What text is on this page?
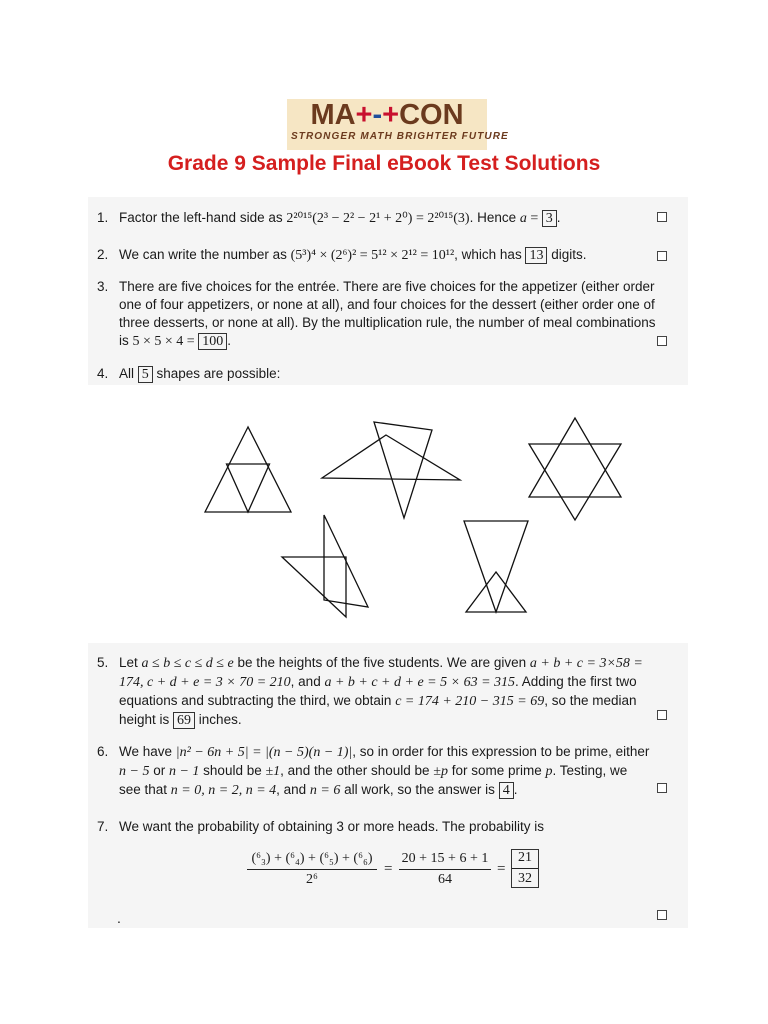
MA+-+CON
STRONGER MATH BRIGHTER FUTURE
Grade 9 Sample Final eBook Test Solutions
1. Factor the left-hand side as 2²⁰¹⁵(2³ − 2² − 2¹ + 2⁰) = 2²⁰¹⁵(3). Hence a = 3 .
2. We can write the number as (5³)⁴ × (2⁶)² = 5¹² × 2¹² = 10¹², which has 13 digits.
3. There are five choices for the entrée. There are five choices for the appetizer (either order
one of four appetizers, or none at all), and four choices for the dessert (either order one of
three desserts, or none at all). By the multiplication rule, the number of meal combinations
is 5 × 5 × 4 = 100 .
4. All 5 shapes are possible:
5. Let a ≤ b ≤ c ≤ d ≤ e be the heights of the five students. We are given a + b + c = 3×58 =
174, c + d + e = 3 × 70 = 210, and a + b + c + d + e = 5 × 63 = 315. Adding the first two
equations and subtracting the third, we obtain c = 174 + 210 − 315 = 69, so the median
height is 69 inches.
6. We have |n² − 6n + 5| = |(n − 5)(n − 1)|, so in order for this expression to be prime, either
n − 5 or n − 1 should be ±1, and the other should be ±p for some prime p. Testing, we
see that n = 0, n = 2, n = 4, and n = 6 all work, so the answer is 4 .
7. We want the probability of obtaining 3 or more heads. The probability is
(⁶₃) + (⁶₄) + (⁶₅) + (⁶₆)
2⁶
=
20 + 15 + 6 + 1
64
=
21
32
.
